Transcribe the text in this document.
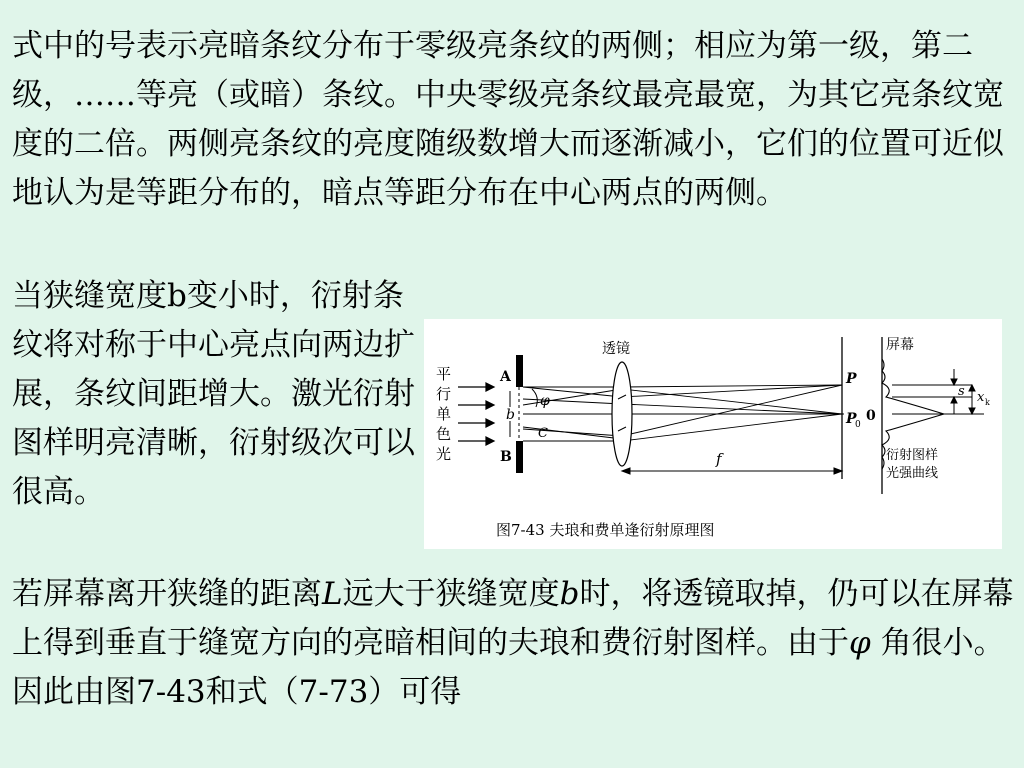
式中的号表示亮暗条纹分布于零级亮条纹的两侧；相应为第一级，第二级，……等亮（或暗）条纹。中央零级亮条纹最亮最宽，为其它亮条纹宽度的二倍。两侧亮条纹的亮度随级数增大而逐渐减小，它们的位置可近似地认为是等距分布的，暗点等距分布在中心两点的两侧。

当狭缝宽度b变小时，衍射条纹将对称于中心亮点向两边扩展，条纹间距增大。激光衍射图样明亮清晰，衍射级次可以很高。

平
行
单
色
光
A
B
b
φ
C
透镜
P
P
0
f
屏幕
0
s x k
衍射图样
光强曲线
图7-43 夫琅和费单逢衍射原理图

若屏幕离开狭缝的距离L远大于狭缝宽度b时，将透镜取掉，仍可以在屏幕上得到垂直于缝宽方向的亮暗相间的夫琅和费衍射图样。由于φ 角很小。因此由图7-43和式（7-73）可得
